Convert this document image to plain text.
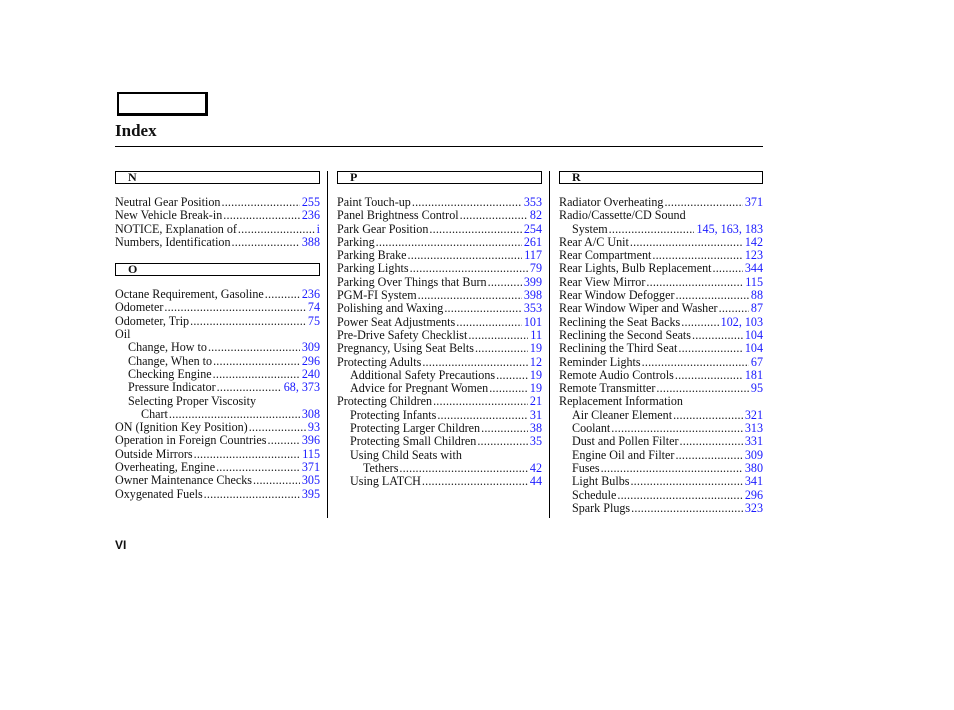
Index
N
Neutral Gear Position .....	255
New Vehicle Break-in .....	236
NOTICE, Explanation of .....	i
Numbers, Identification .....	388
O
Octane Requirement, Gasoline .....	236
Odometer .....	74
Odometer, Trip .....	75
Oil
Change, How to .....	309
Change, When to .....	296
Checking Engine .....	240
Pressure Indicator .....	68, 373
Selecting Proper Viscosity
Chart .....	308
ON (Ignition Key Position) .....	93
Operation in Foreign Countries .....	396
Outside Mirrors .....	115
Overheating, Engine .....	371
Owner Maintenance Checks .....	305
Oxygenated Fuels .....	395
P
Paint Touch-up .....	353
Panel Brightness Control .....	82
Park Gear Position .....	254
Parking .....	261
Parking Brake .....	117
Parking Lights .....	79
Parking Over Things that Burn .....	399
PGM-FI System .....	398
Polishing and Waxing .....	353
Power Seat Adjustments .....	101
Pre-Drive Safety Checklist .....	11
Pregnancy, Using Seat Belts .....	19
Protecting Adults .....	12
Additional Safety Precautions .....	19
Advice for Pregnant Women .....	19
Protecting Children .....	21
Protecting Infants .....	31
Protecting Larger Children .....	38
Protecting Small Children .....	35
Using Child Seats with
Tethers .....	42
Using LATCH .....	44
R
Radiator Overheating .....	371
Radio/Cassette/CD Sound
System .....	145, 163, 183
Rear A/C Unit .....	142
Rear Compartment .....	123
Rear Lights, Bulb Replacement .....	344
Rear View Mirror .....	115
Rear Window Defogger .....	88
Rear Window Wiper and Washer .....	87
Reclining the Seat Backs .....	102, 103
Reclining the Second Seats .....	104
Reclining the Third Seat .....	104
Reminder Lights .....	67
Remote Audio Controls .....	181
Remote Transmitter .....	95
Replacement Information
Air Cleaner Element .....	321
Coolant .....	313
Dust and Pollen Filter .....	331
Engine Oil and Filter .....	309
Fuses .....	380
Light Bulbs .....	341
Schedule .....	296
Spark Plugs .....	323
VI
